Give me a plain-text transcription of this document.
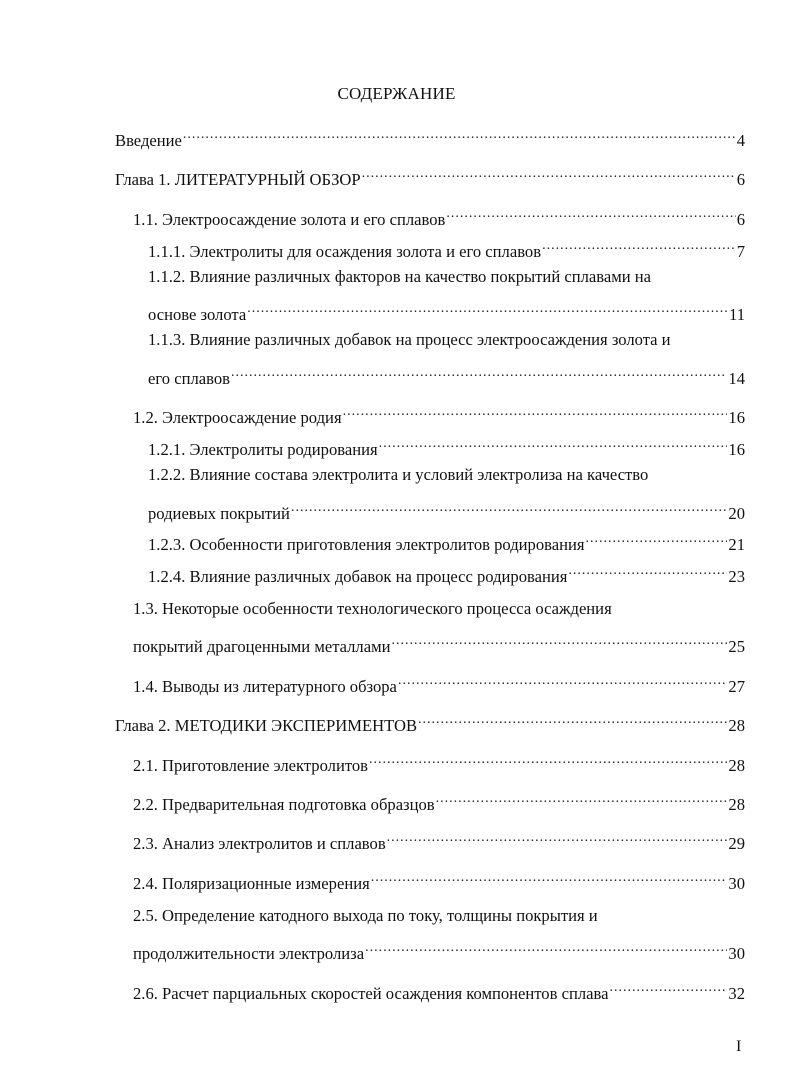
СОДЕРЖАНИЕ
Введение .....	4
Глава 1. ЛИТЕРАТУРНЫЙ ОБЗОР .....	6
1.1. Электроосаждение золота и его сплавов .....	6
1.1.1. Электролиты для осаждения золота и его сплавов .....	7
1.1.2. Влияние различных факторов на качество покрытий сплавами на
основе золота .....	11
1.1.3. Влияние различных добавок на процесс электроосаждения золота и
его сплавов .....	14
1.2. Электроосаждение родия .....	16
1.2.1. Электролиты родирования .....	16
1.2.2. Влияние состава электролита и условий электролиза на качество
родиевых покрытий .....	20
1.2.3. Особенности приготовления электролитов родирования .....	21
1.2.4. Влияние различных добавок на процесс родирования .....	23
1.3. Некоторые особенности технологического процесса осаждения
покрытий драгоценными металлами .....	25
1.4. Выводы из литературного обзора .....	27
Глава 2. МЕТОДИКИ ЭКСПЕРИМЕНТОВ .....	28
2.1. Приготовление электролитов .....	28
2.2. Предварительная подготовка образцов .....	28
2.3. Анализ электролитов и сплавов .....	29
2.4. Поляризационные измерения .....	30
2.5. Определение катодного выхода по току, толщины покрытия и
продолжительности электролиза .....	30
2.6. Расчет парциальных скоростей осаждения компонентов сплава .....	32
I
